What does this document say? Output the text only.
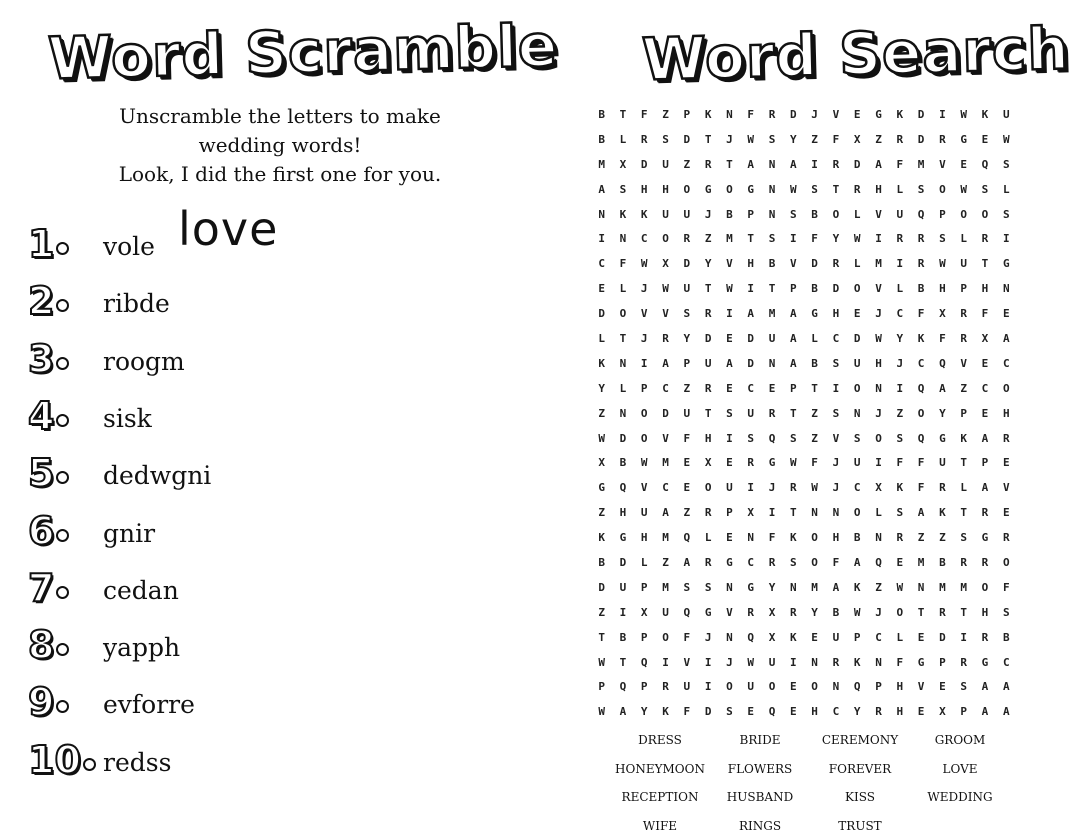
Word Scramble
Unscramble the letters to make
wedding words!
Look, I did the first one for you.
1	vole love
2	ribde
3	roogm
4	sisk
5	dedwgni
6	gnir
7	cedan
8	yapph
9	evforre
10 redss
Word Search
B	T	F	Z	P	K	N	F	R	D	J	V	E	G	K	D	I	W	K	U
B	L	R	S	D	T	J	W	S	Y	Z	F	X	Z	R	D	R	G	E	W
M	X	D	U	Z	R	T	A	N	A	I	R	D	A	F	M	V	E	Q	S
A	S	H	H	O	G	O	G	N	W	S	T	R	H	L	S	O	W	S	L
N	K	K	U	U	J	B	P	N	S	B	O	L	V	U	Q	P	O	O	S
I	N	C	O	R	Z	M	T	S	I	F	Y	W	I	R	R	S	L	R	I
C	F	W	X	D	Y	V	H	B	V	D	R	L	M	I	R	W	U	T	G
E	L	J	W	U	T	W	I	T	P	B	D	O	V	L	B	H	P	H	N
D	O	V	V	S	R	I	A	M	A	G	H	E	J	C	F	X	R	F	E
L	T	J	R	Y	D	E	D	U	A	L	C	D	W	Y	K	F	R	X	A
K	N	I	A	P	U	A	D	N	A	B	S	U	H	J	C	Q	V	E	C
Y	L	P	C	Z	R	E	C	E	P	T	I	O	N	I	Q	A	Z	C	O
Z	N	O	D	U	T	S	U	R	T	Z	S	N	J	Z	O	Y	P	E	H
W	D	O	V	F	H	I	S	Q	S	Z	V	S	O	S	Q	G	K	A	R
X	B	W	M	E	X	E	R	G	W	F	J	U	I	F	F	U	T	P	E
G	Q	V	C	E	O	U	I	J	R	W	J	C	X	K	F	R	L	A	V
Z	H	U	A	Z	R	P	X	I	T	N	N	O	L	S	A	K	T	R	E
K	G	H	M	Q	L	E	N	F	K	O	H	B	N	R	Z	Z	S	G	R
B	D	L	Z	A	R	G	C	R	S	O	F	A	Q	E	M	B	R	R	O
D	U	P	M	S	S	N	G	Y	N	M	A	K	Z	W	N	M	M	O	F
Z	I	X	U	Q	G	V	R	X	R	Y	B	W	J	O	T	R	T	H	S
T	B	P	O	F	J	N	Q	X	K	E	U	P	C	L	E	D	I	R	B
W	T	Q	I	V	I	J	W	U	I	N	R	K	N	F	G	P	R	G	C
P	Q	P	R	U	I	O	U	O	E	O	N	Q	P	H	V	E	S	A	A
W	A	Y	K	F	D	S	E	Q	E	H	C	Y	R	H	E	X	P	A	A
DRESS	BRIDE	CEREMONY	GROOM
HONEYMOON	FLOWERS	FOREVER	LOVE
RECEPTION	HUSBAND	KISS	WEDDING
WIFE	RINGS	TRUST
